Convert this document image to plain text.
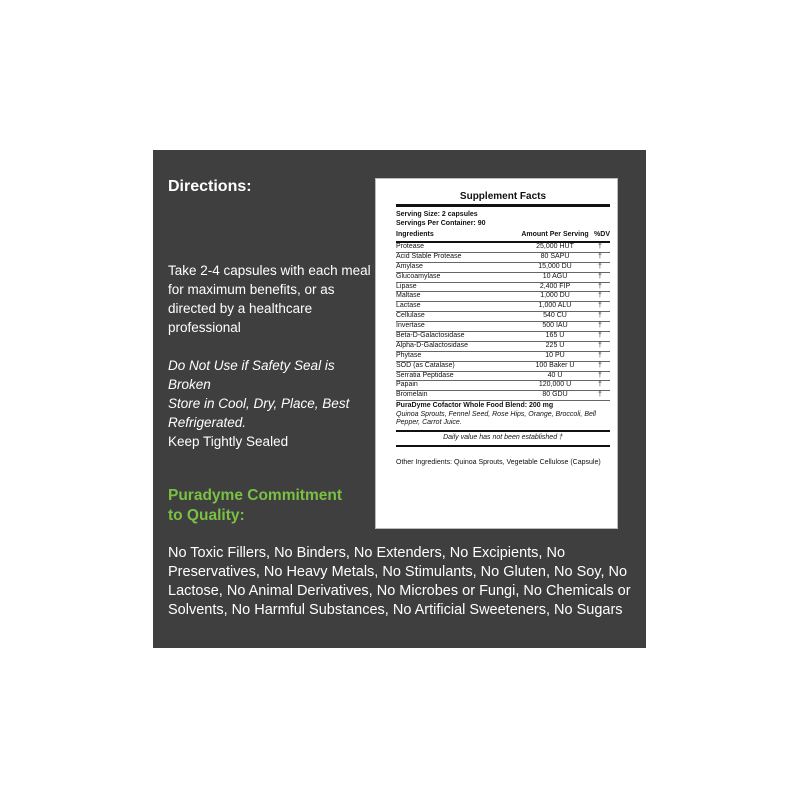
Directions:

Take 2-4 capsules with each meal for maximum benefits, or as directed by a healthcare professional

Do Not Use if Safety Seal is Broken

Store in Cool, Dry, Place, Best Refrigerated.

Keep Tightly Sealed

Puradyme Commitment
to Quality:
No Toxic Fillers, No Binders, No Extenders, No Excipients, No Preservatives, No Heavy Metals, No Stimulants, No Gluten, No Soy, No Lactose, No Animal Derivatives, No Microbes or Fungi, No Chemicals or Solvents, No Harmful Substances, No Artificial Sweeteners, No Sugars
Supplement Facts
Serving Size: 2 capsules
Servings Per Container: 90
Ingredients	Amount Per Serving %DV
Protease	25,000 HUT	†
Acid Stable Protease	80 SAPU	†
Amylase	15,000 DU	†
Glucoamylase	10 AGU	†
Lipase	2,400 FIP	†
Maltase	1,000 DU	†
Lactase	1,000 ALU	†
Cellulase	540 CU	†
Invertase	500 IAU	†
Beta-D-Galactosidase	165 U	†
Alpha-D-Galactosidase	225 U	†
Phytase	10 PU	†
SOD (as Catalase)	100 Baker U	†
Serratia Peptidase	40 U	†
Papain	120,000 U	†
Bromelain	80 GDU	†
PuraDyme Cofactor Whole Food Blend: 200 mg
Quinoa Sprouts, Fennel Seed, Rose Hips, Orange, Broccoli, Bell Pepper, Carrot Juice.
Daily value has not been established †
Other Ingredients: Quinoa Sprouts, Vegetable Cellulose (Capsule)
